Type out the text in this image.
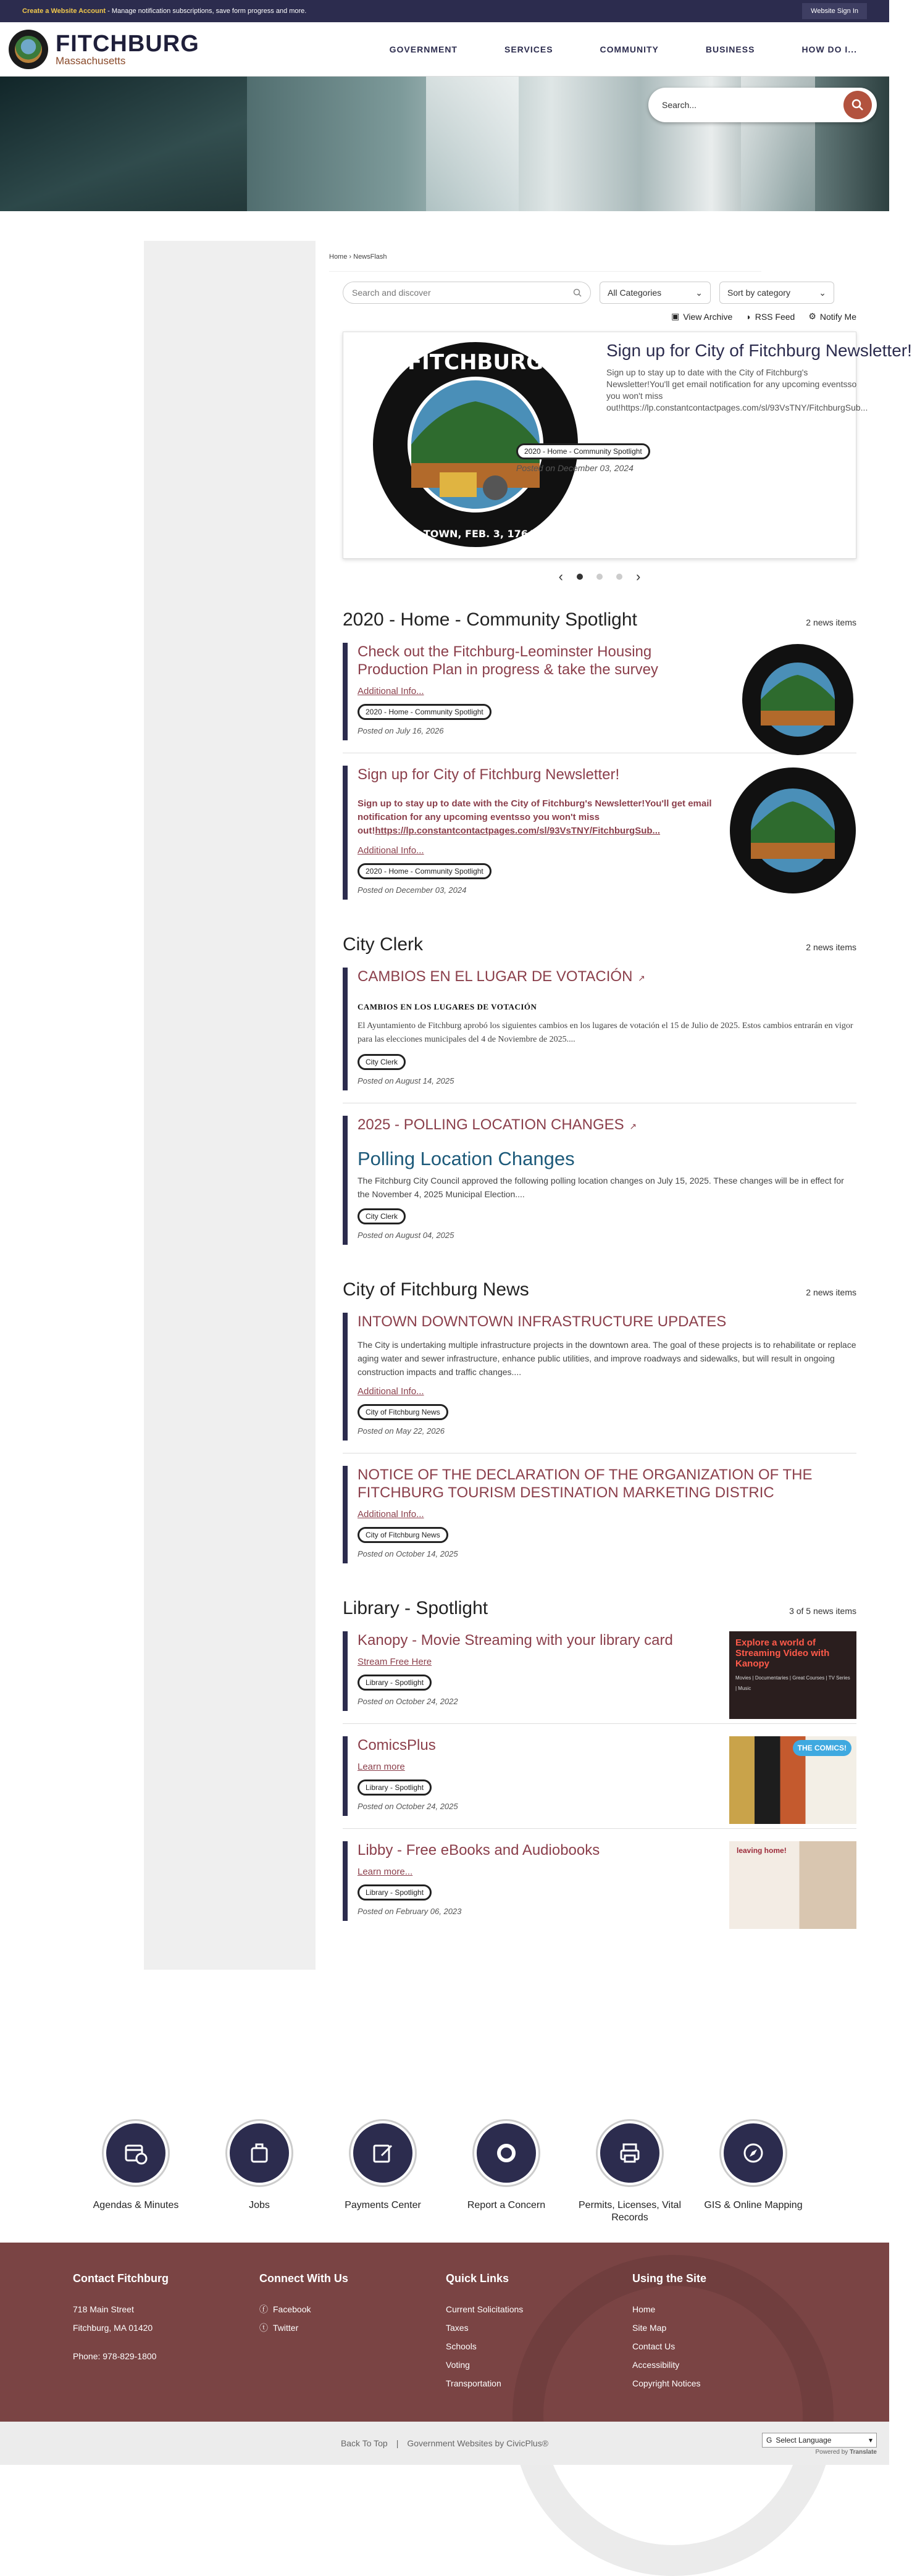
Create a Website Account - Manage notification subscriptions, save form progress and more.	Website Sign In
FITCHBURG
Massachusetts
GOVERNMENT	SERVICES	COMMUNITY	BUSINESS	HOW DO I...
Search...
Home › NewsFlash
Search and discover	All Categories	⌄	Sort by category	⌄
▣ View Archive ◗ RSS Feed ⚙ Notify Me
FITCHBURG
A TOWN, FEB. 3, 1764.
Sign up for City of Fitchburg Newsletter!

Sign up to stay up to date with the City of Fitchburg's Newsletter!You'll get email notification for any upcoming eventsso you won't miss out!https://lp.constantcontactpages.com/sl/93VsTNY/FitchburgSub...

2020 - Home - Community Spotlight
Posted on December 03, 2024
‹	›
2020 - Home - Community Spotlight	2 news items
Check out the Fitchburg-Leominster Housing Production Plan in progress & take the survey
Additional Info...
2020 - Home - Community Spotlight
Posted on July 16, 2026
Sign up for City of Fitchburg Newsletter!
Sign up to stay up to date with the City of Fitchburg's Newsletter!You'll get email notification for any upcoming eventsso you won't miss out!https://lp.constantcontactpages.com/sl/93VsTNY/FitchburgSub...
Additional Info...
2020 - Home - Community Spotlight
Posted on December 03, 2024
City Clerk	2 news items
CAMBIOS EN EL LUGAR DE VOTACIÓN ↗
CAMBIOS EN LOS LUGARES DE VOTACIÓN
El Ayuntamiento de Fitchburg aprobó los siguientes cambios en los lugares de votación el 15 de Julio de 2025. Estos cambios entrarán en vigor para las elecciones municipales del 4 de Noviembre de 2025....
City Clerk
Posted on August 14, 2025
2025 - POLLING LOCATION CHANGES ↗
Polling Location Changes
The Fitchburg City Council approved the following polling location changes on July 15, 2025. These changes will be in effect for the November 4, 2025 Municipal Election....
City Clerk
Posted on August 04, 2025
City of Fitchburg News	2 news items
INTOWN DOWNTOWN INFRASTRUCTURE UPDATES
The City is undertaking multiple infrastructure projects in the downtown area. The goal of these projects is to rehabilitate or replace aging water and sewer infrastructure, enhance public utilities, and improve roadways and sidewalks, but will result in ongoing construction impacts and traffic changes....
Additional Info...
City of Fitchburg News
Posted on May 22, 2026
NOTICE OF THE DECLARATION OF THE ORGANIZATION OF THE FITCHBURG TOURISM DESTINATION MARKETING DISTRIC
Additional Info...
City of Fitchburg News
Posted on October 14, 2025
Library - Spotlight	3 of 5 news items
Kanopy - Movie Streaming with your library card
Stream Free Here
Library - Spotlight
Posted on October 24, 2022
Explore a world of Streaming Video with Kanopy
Movies | Documentaries | Great Courses | TV Series | Music
ComicsPlus
Learn more
Library - Spotlight
Posted on October 24, 2025
THE COMICS!
Libby - Free eBooks and Audiobooks
Learn more...
Library - Spotlight
Posted on February 06, 2023
leaving home!
Agendas & Minutes	Jobs	Payments Center	Report a Concern	Permits, Licenses, Vital Records
GIS & Online Mapping
Contact Fitchburg

718 Main Street

Fitchburg, MA 01420

Phone: 978-829-1800

Connect With Us
ⓕ Facebook
ⓣ Twitter
Quick Links
Current Solicitations
Taxes
Schools
Voting
Transportation
Using the Site
Home
Site Map
Contact Us
Accessibility
Copyright Notices
Back To Top | Government Websites by CivicPlus®	G Select Language	▾
Powered by Translate
